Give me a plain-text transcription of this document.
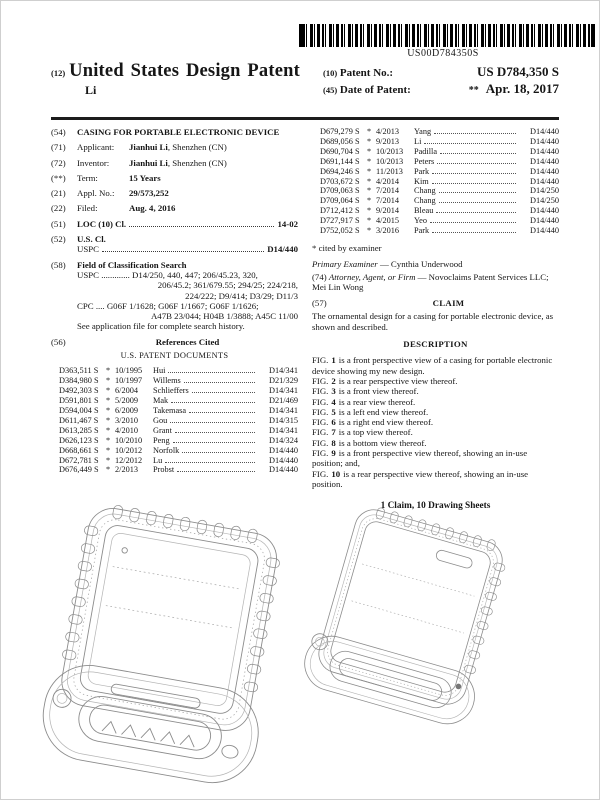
US00D784350S
(12) United States Design Patent
Li
(10) Patent No.:	US D784,350 S
(45) Date of Patent:	** Apr. 18, 2017
(54)	CASING FOR PORTABLE ELECTRONIC DEVICE
(71)	Applicant: Jianhui Li, Shenzhen (CN)
(72)	Inventor: Jianhui Li, Shenzhen (CN)
(**)	Term:	15 Years
(21)	Appl. No.: 29/573,252
(22)	Filed:	Aug. 4, 2016
(51)	LOC (10) Cl.	14-02
(52)	U.S. Cl.
USPC	D14/440
(58)	Field of Classification Search
USPC ............. D14/250, 440, 447; 206/45.23, 320,
206/45.2; 361/679.55; 294/25; 224/218,
224/222; D9/414; D3/29; D11/3
CPC .... G06F 1/1628; G06F 1/1667; G06F 1/1626;
A47B 23/044; H04B 1/3888; A45C 11/00
See application file for complete search history.
(56)	References Cited
U.S. PATENT DOCUMENTS
D363,511 S * 10/1995	Hui	D14/341
D384,980 S * 10/1997	Willems	D21/329
D492,303 S * 6/2004	Schlieffers	D14/341
D591,801 S * 5/2009	Mak	D21/469
D594,004 S * 6/2009	Takemasa	D14/341
D611,467 S * 3/2010	Gou	D14/315
D613,285 S * 4/2010	Grant	D14/341
D626,123 S * 10/2010	Peng	D14/324
D668,661 S * 10/2012	Norfolk	D14/440
D672,781 S * 12/2012	Lu	D14/440
D676,449 S * 2/2013	Probst	D14/440
D679,279 S * 4/2013	Yang	D14/440
D689,056 S * 9/2013	Li	D14/440
D690,704 S * 10/2013	Padilla	D14/440
D691,144 S * 10/2013	Peters	D14/440
D694,246 S * 11/2013	Park	D14/440
D703,672 S * 4/2014	Kim	D14/440
D709,063 S * 7/2014	Chang	D14/250
D709,064 S * 7/2014	Chang	D14/250
D712,412 S * 9/2014	Bleau	D14/440
D727,917 S * 4/2015	Yeo	D14/440
D752,052 S * 3/2016	Park	D14/440
* cited by examiner
Primary Examiner — Cynthia Underwood
(74) Attorney, Agent, or Firm — Novoclaims Patent Services LLC; Mei Lin Wong
(57)	CLAIM
The ornamental design for a casing for portable electronic device, as shown and described.
DESCRIPTION
FIG. 1 is a front perspective view of a casing for portable electronic device showing my new design.
FIG. 2 is a rear perspective view thereof.
FIG. 3 is a front view thereof.
FIG. 4 is a rear view thereof.
FIG. 5 is a left end view thereof.
FIG. 6 is a right end view thereof.
FIG. 7 is a top view thereof.
FIG. 8 is a bottom view thereof.
FIG. 9 is a front perspective view thereof, showing an in-use position; and,
FIG. 10 is a rear perspective view thereof, showing an in-use position.
1 Claim, 10 Drawing Sheets
